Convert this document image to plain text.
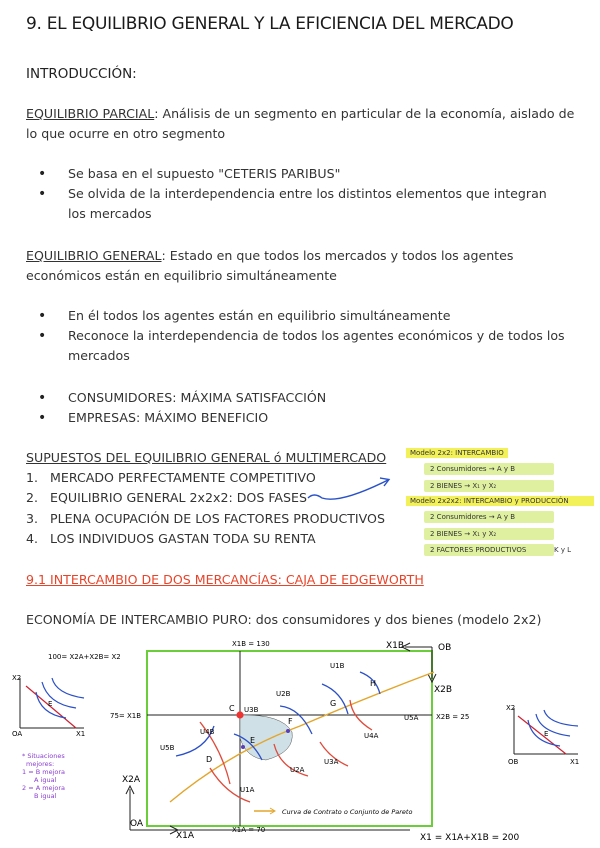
9. EL EQUILIBRIO GENERAL Y LA EFICIENCIA DEL MERCADO
INTRODUCCIÓN:
EQUILIBRIO PARCIAL: Análisis de un segmento en particular de la economía, aislado de lo que ocurre en otro segmento
• Se basa en el supuesto "CETERIS PARIBUS"
• Se olvida de la interdependencia entre los distintos elementos que integran los mercados
EQUILIBRIO GENERAL: Estado en que todos los mercados y todos los agentes económicos están en equilibrio simultáneamente
• En él todos los agentes están en equilibrio simultáneamente
• Reconoce la interdependencia de todos los agentes económicos y de todos los mercados
• CONSUMIDORES: MÁXIMA SATISFACCIÓN
• EMPRESAS: MÁXIMO BENEFICIO
SUPUESTOS DEL EQUILIBRIO GENERAL ó MULTIMERCADO
1. MERCADO PERFECTAMENTE COMPETITIVO
2. EQUILIBRIO GENERAL 2x2x2: DOS FASES
3. PLENA OCUPACIÓN DE LOS FACTORES PRODUCTIVOS
4. LOS INDIVIDUOS GASTAN TODA SU RENTA
Modelo 2x2: INTERCAMBIO
2 Consumidores → A y B
2 BIENES → X₁ y X₂
Modelo 2x2x2: INTERCAMBIO y PRODUCCIÓN
2 Consumidores → A y B
2 BIENES → X₁ y X₂
2 FACTORES PRODUCTIVOS	K y L
9.1 INTERCAMBIO DE DOS MERCANCÍAS: CAJA DE EDGEWORTH
ECONOMÍA DE INTERCAMBIO PURO: dos consumidores y dos bienes (modelo 2x2)
X2
OA	X1
E
* Situaciones
mejores:
1 = B mejora
A igual
2 = A mejora
B igual
X2
OB	X1
E
Curva de Contrato o Conjunto de Pareto
100= X2A+X2B= X2
X1B = 130	X1B	OB
X2B
75= X1B	X2B = 25
X2A
OA
X1A
X1A = 70
X1 = X1A+X1B = 200
C
E
F
G
H
D
U1A
U2A
U3A
U4A
U5A
U1B
U2B
U3B
U4B
U5B
